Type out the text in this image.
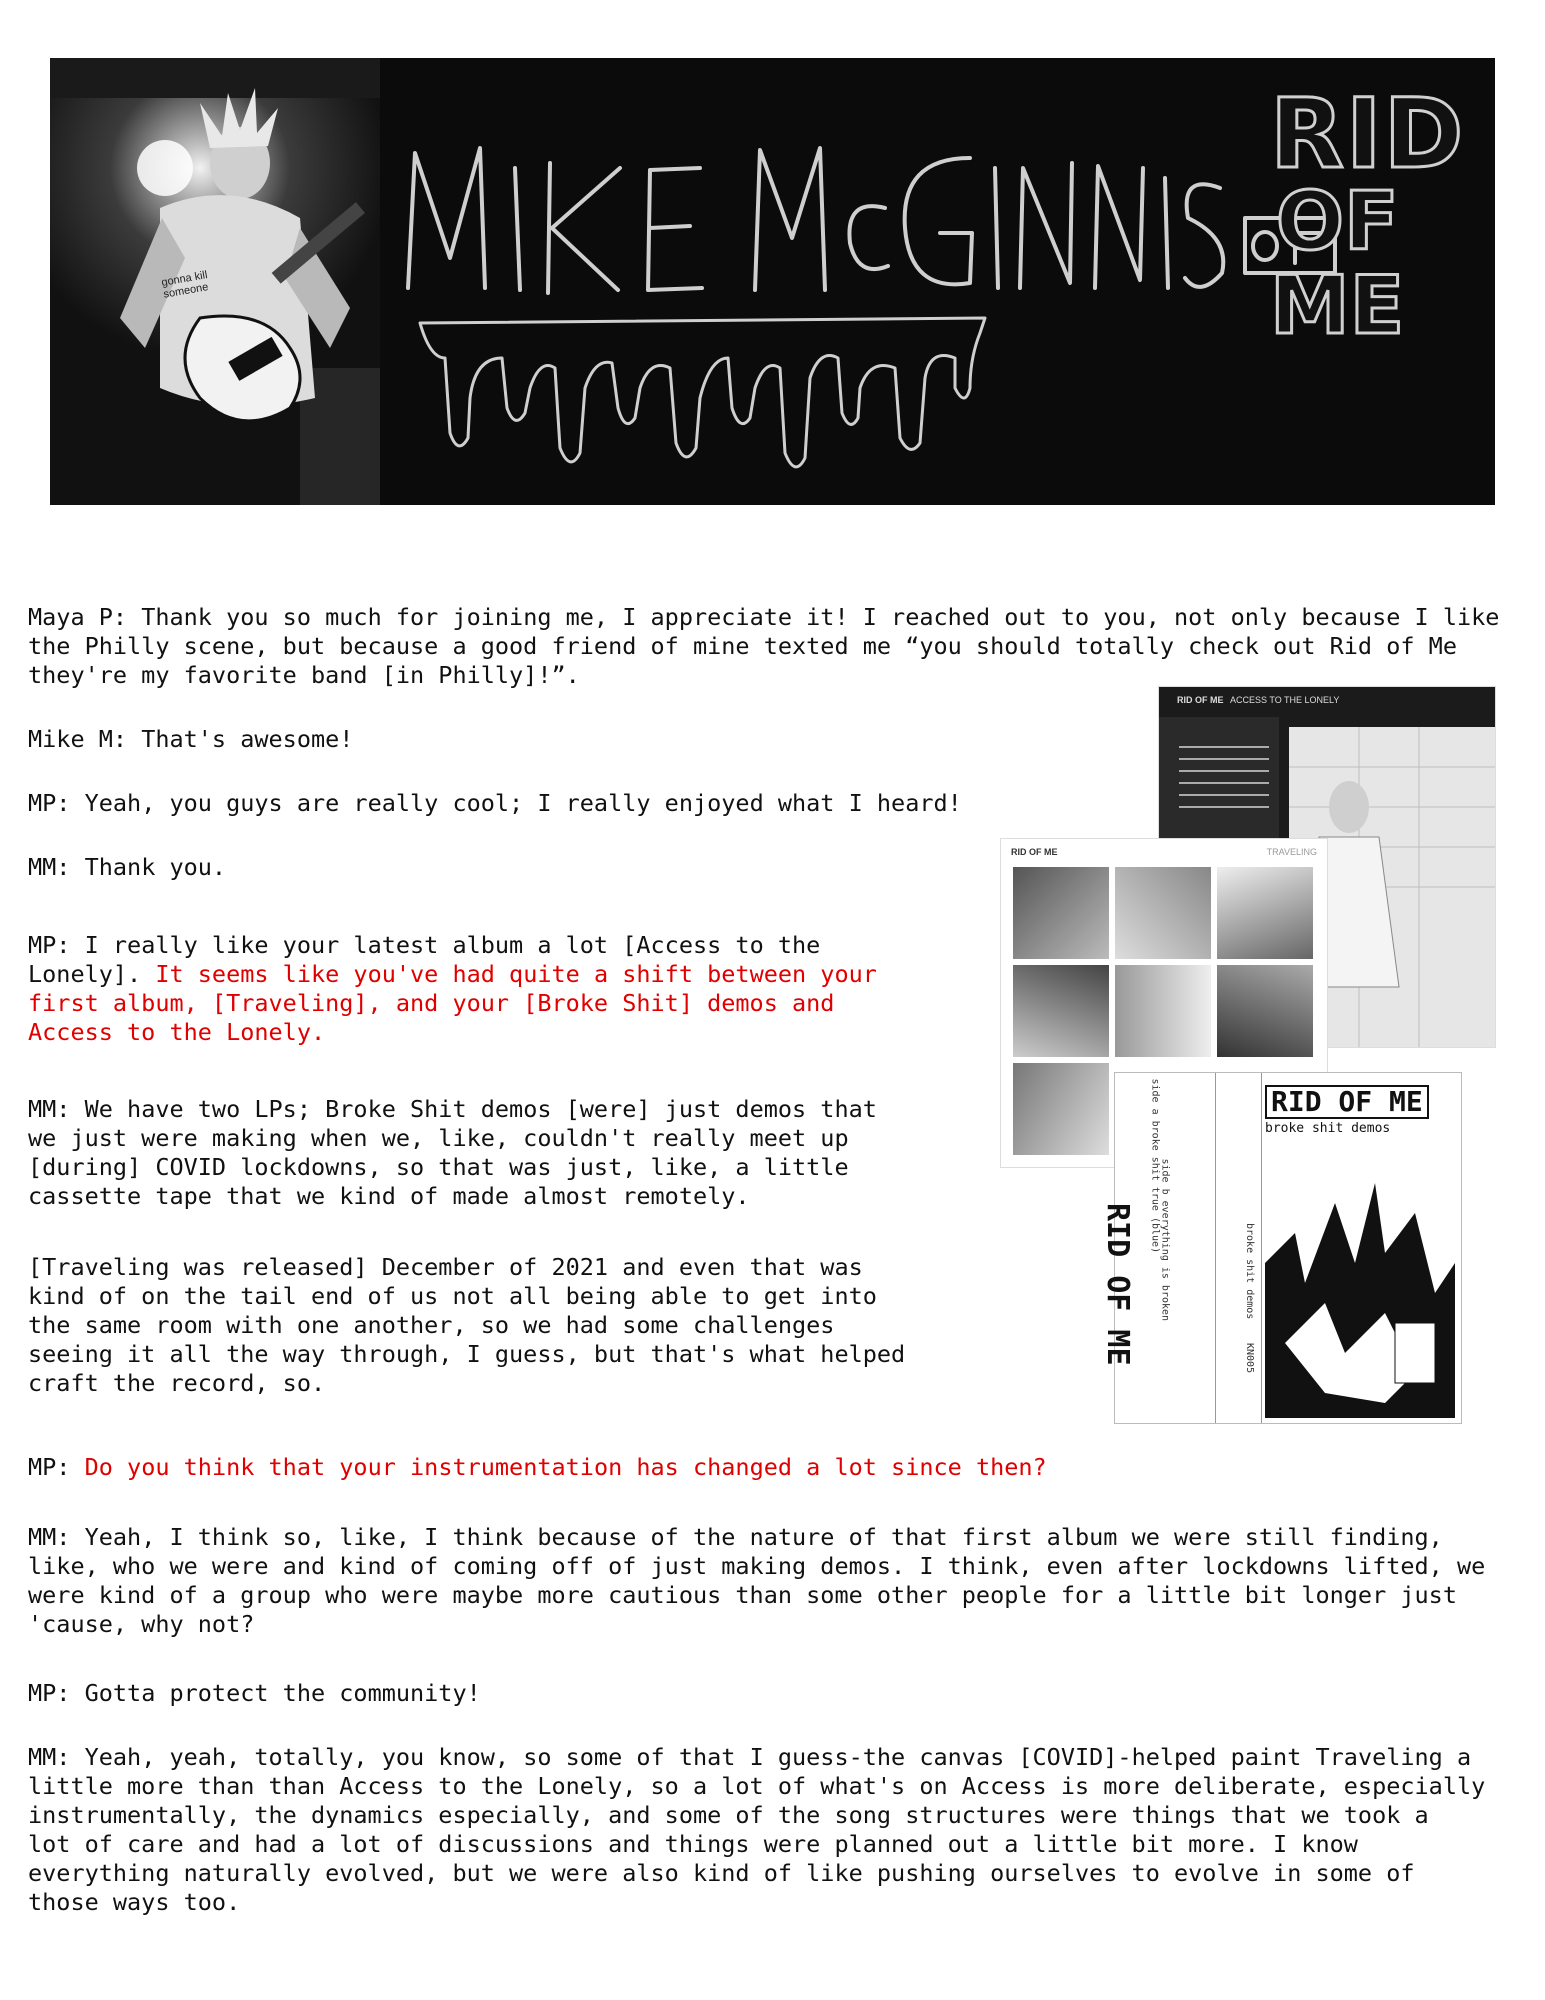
gonna kill someone
RID
OF
ME
RID OF ME ACCESS TO THE LONELY
RID OF ME	TRAVELING
side a broke shit true (blue) side b everything is broken
RID OF ME	broke shit demos
KN005
RID OF ME
broke shit demos

Maya P: Thank you so much for joining me, I appreciate it! I reached out to you, not only because I like
the Philly scene, but because a good friend of mine texted me “you should totally check out Rid of Me
they're my favorite band [in Philly]!”.

Mike M: That's awesome!

MP: Yeah, you guys are really cool; I really enjoyed what I heard!

MM: Thank you.

MP: I really like your latest album a lot [Access to the
Lonely]. It seems like you've had quite a shift between your
first album, [Traveling], and your [Broke Shit] demos and
Access to the Lonely.

MM: We have two LPs; Broke Shit demos [were] just demos that
we just were making when we, like, couldn't really meet up
[during] COVID lockdowns, so that was just, like, a little
cassette tape that we kind of made almost remotely.

[Traveling was released] December of 2021 and even that was
kind of on the tail end of us not all being able to get into
the same room with one another, so we had some challenges
seeing it all the way through, I guess, but that's what helped
craft the record, so.

MP: Do you think that your instrumentation has changed a lot since then?

MM: Yeah, I think so, like, I think because of the nature of that first album we were still finding,
like, who we were and kind of coming off of just making demos. I think, even after lockdowns lifted, we
were kind of a group who were maybe more cautious than some other people for a little bit longer just
'cause, why not?

MP: Gotta protect the community!

MM: Yeah, yeah, totally, you know, so some of that I guess-the canvas [COVID]-helped paint Traveling a
little more than than Access to the Lonely, so a lot of what's on Access is more deliberate, especially
instrumentally, the dynamics especially, and some of the song structures were things that we took a
lot of care and had a lot of discussions and things were planned out a little bit more. I know
everything naturally evolved, but we were also kind of like pushing ourselves to evolve in some of
those ways too.
